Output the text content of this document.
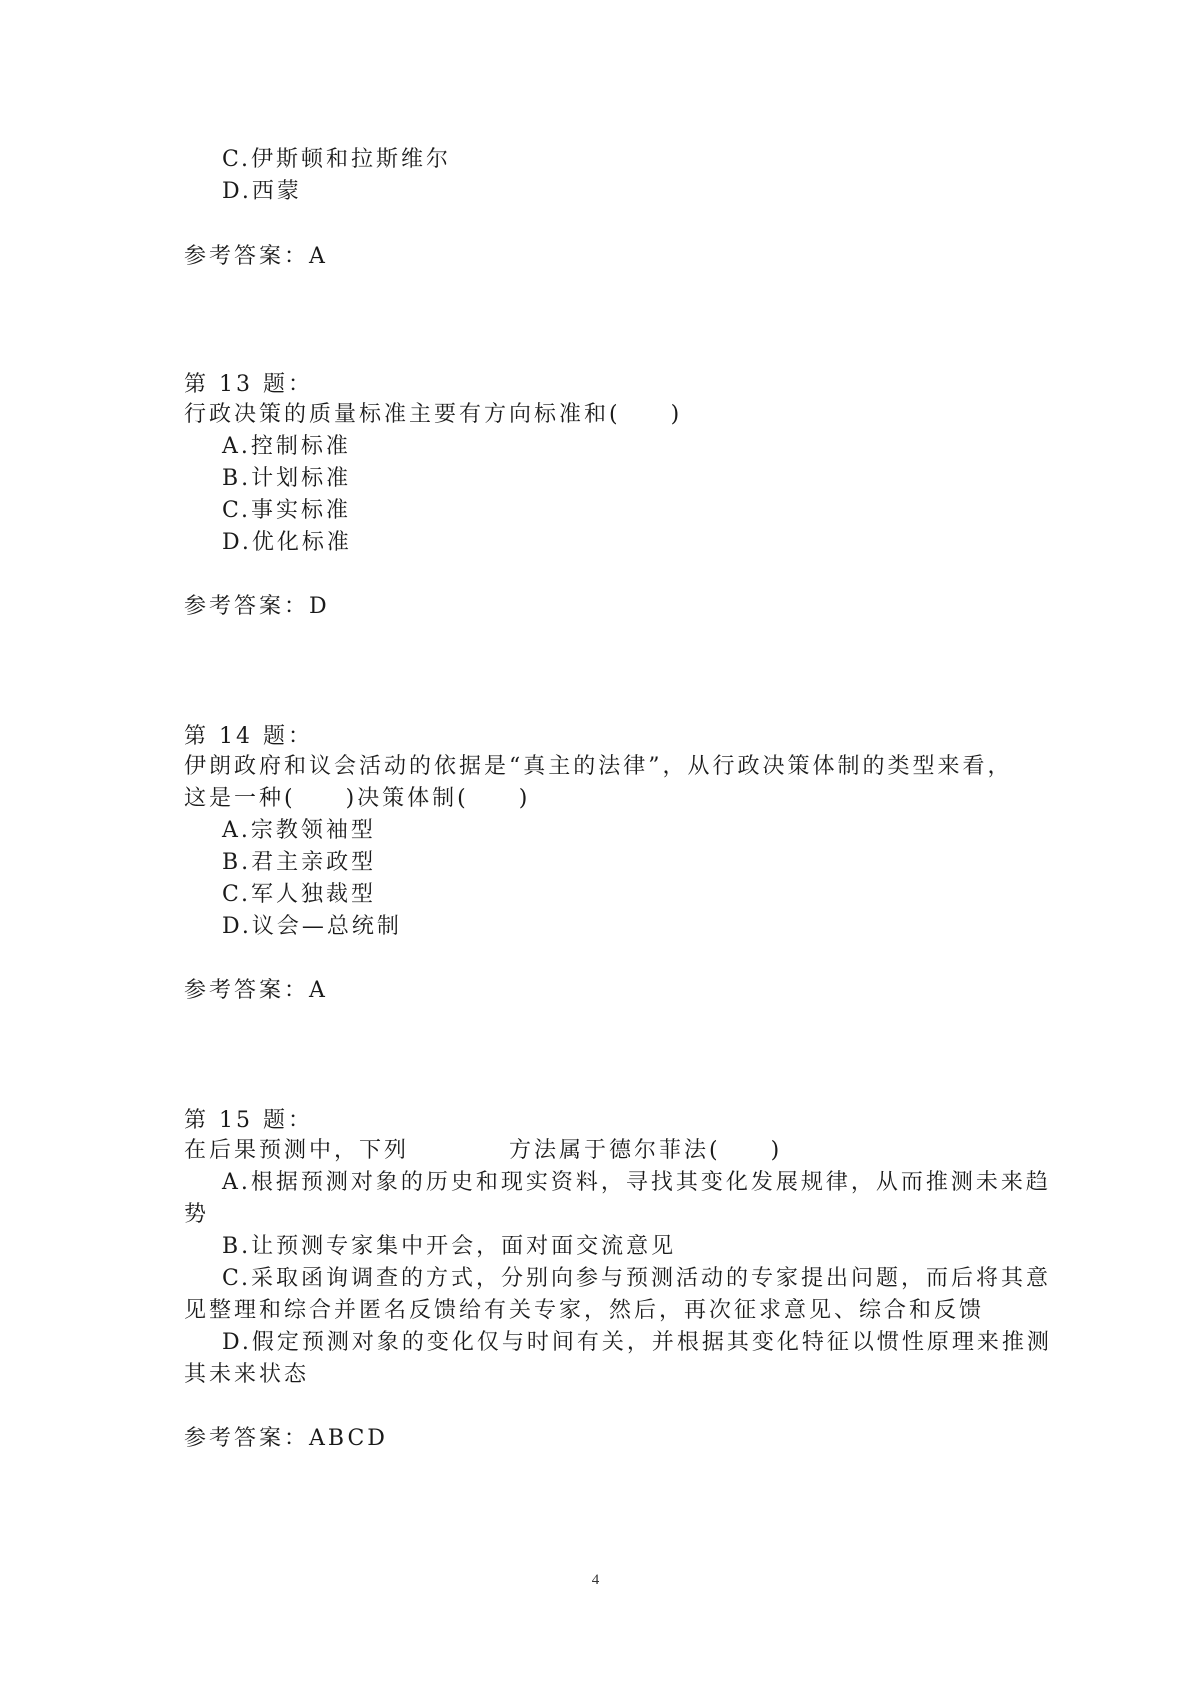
C.伊斯顿和拉斯维尔
D.西蒙
参考答案：A
第 13 题：
行政决策的质量标准主要有方向标准和(　　)
A.控制标准
B.计划标准
C.事实标准
D.优化标准
参考答案：D
第 14 题：
伊朗政府和议会活动的依据是“真主的法律”，从行政决策体制的类型来看，
这是一种(　　)决策体制(　　)
A.宗教领袖型
B.君主亲政型
C.军人独裁型
D.议会—总统制
参考答案：A
第 15 题：
在后果预测中，下列　　　　方法属于德尔菲法(　　)
A.根据预测对象的历史和现实资料，寻找其变化发展规律，从而推测未来趋
势
B.让预测专家集中开会，面对面交流意见
C.采取函询调查的方式，分别向参与预测活动的专家提出问题，而后将其意
见整理和综合并匿名反馈给有关专家，然后，再次征求意见、综合和反馈
D.假定预测对象的变化仅与时间有关，并根据其变化特征以惯性原理来推测
其未来状态
参考答案：ABCD
4
